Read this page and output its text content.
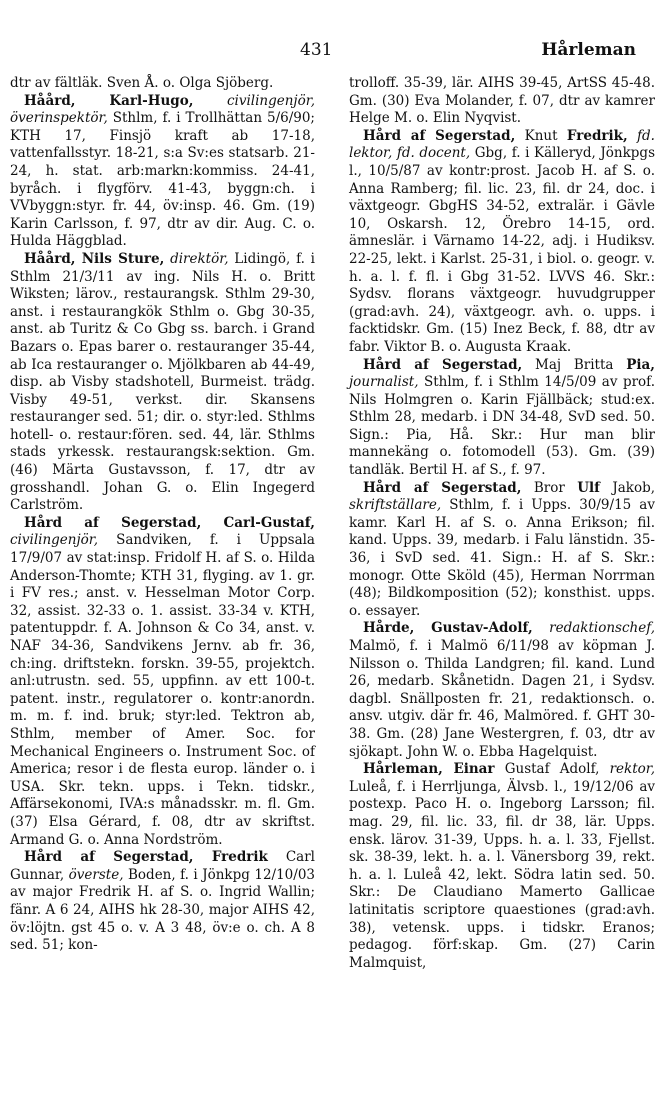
431	Hårleman

dtr av fältläk. Sven Å. o. Olga Sjöberg.

Håård, Karl-Hugo, civilingenjör, överinspektör, Sthlm, f. i Trollhättan 5/6/90; KTH 17, Finsjö kraft ab 17-18, vattenfallsstyr. 18-21, s:a Sv:es statsarb. 21-24, h. stat. arb:markn:kommiss. 24-41, byråch. i flygförv. 41-43, byggn:ch. i VVbyggn:styr. fr. 44, öv:insp. 46. Gm. (19) Karin Carlsson, f. 97, dtr av dir. Aug. C. o. Hulda Häggblad.

Håård, Nils Sture, direktör, Lidingö, f. i Sthlm 21/3/11 av ing. Nils H. o. Britt Wiksten; lärov., restaurangsk. Sthlm 29-30, anst. i restaurangkök Sthlm o. Gbg 30-35, anst. ab Turitz & Co Gbg ss. barch. i Grand Bazars o. Epas barer o. restauranger 35-44, ab Ica restauranger o. Mjölkbaren ab 44-49, disp. ab Visby stadshotell, Burmeist. trädg. Visby 49-51, verkst. dir. Skansens restauranger sed. 51; dir. o. styr:led. Sthlms hotell- o. restaur:fören. sed. 44, lär. Sthlms stads yrkessk. restaurangsk:sektion. Gm. (46) Märta Gustavsson, f. 17, dtr av grosshandl. Johan G. o. Elin Ingegerd Carlström.

Hård af Segerstad, Carl-Gustaf, civilingenjör, Sandviken, f. i Uppsala 17/9/07 av stat:insp. Fridolf H. af S. o. Hilda Anderson-Thomte; KTH 31, flyging. av 1. gr. i FV res.; anst. v. Hesselman Motor Corp. 32, assist. 32-33 o. 1. assist. 33-34 v. KTH, patentuppdr. f. A. Johnson & Co 34, anst. v. NAF 34-36, Sandvikens Jernv. ab fr. 36, ch:ing. driftstekn. forskn. 39-55, projektch. anl:utrustn. sed. 55, uppfinn. av ett 100-t. patent. instr., regulatorer o. kontr:anordn. m. m. f. ind. bruk; styr:led. Tektron ab, Sthlm, member of Amer. Soc. for Mechanical Engineers o. Instrument Soc. of America; resor i de flesta europ. länder o. i USA. Skr. tekn. upps. i Tekn. tidskr., Affärsekonomi, IVA:s månadsskr. m. fl. Gm. (37) Elsa Gérard, f. 08, dtr av skriftst. Armand G. o. Anna Nordström.

Hård af Segerstad, Fredrik Carl Gunnar, överste, Boden, f. i Jönkpg 12/10/03 av major Fredrik H. af S. o. Ingrid Wallin; fänr. A 6 24, AIHS hk 28-30, major AIHS 42, öv:löjtn. gst 45 o. v. A 3 48, öv:e o. ch. A 8 sed. 51; kon-

trolloff. 35-39, lär. AIHS 39-45, ArtSS 45-48. Gm. (30) Eva Molander, f. 07, dtr av kamrer Helge M. o. Elin Nyqvist.

Hård af Segerstad, Knut Fredrik, fd. lektor, fd. docent, Gbg, f. i Källeryd, Jönkpgs l., 10/5/87 av kontr:prost. Jacob H. af S. o. Anna Ramberg; fil. lic. 23, fil. dr 24, doc. i växtgeogr. GbgHS 34-52, extralär. i Gävle 10, Oskarsh. 12, Örebro 14-15, ord. ämneslär. i Värnamo 14-22, adj. i Hudiksv. 22-25, lekt. i Karlst. 25-31, i biol. o. geogr. v. h. a. l. f. fl. i Gbg 31-52. LVVS 46. Skr.: Sydsv. florans växtgeogr. huvudgrupper (grad:avh. 24), växtgeogr. avh. o. upps. i facktidskr. Gm. (15) Inez Beck, f. 88, dtr av fabr. Viktor B. o. Augusta Kraak.

Hård af Segerstad, Maj Britta Pia, journalist, Sthlm, f. i Sthlm 14/5/09 av prof. Nils Holmgren o. Karin Fjällbäck; stud:ex. Sthlm 28, medarb. i DN 34-48, SvD sed. 50. Sign.: Pia, Hå. Skr.: Hur man blir mannekäng o. fotomodell (53). Gm. (39) tandläk. Bertil H. af S., f. 97.

Hård af Segerstad, Bror Ulf Jakob, skriftställare, Sthlm, f. i Upps. 30/9/15 av kamr. Karl H. af S. o. Anna Erikson; fil. kand. Upps. 39, medarb. i Falu länstidn. 35-36, i SvD sed. 41. Sign.: H. af S. Skr.: monogr. Otte Sköld (45), Herman Norrman (48); Bildkomposition (52); konsthist. upps. o. essayer.

Hårde, Gustav-Adolf, redaktionschef, Malmö, f. i Malmö 6/11/98 av köpman J. Nilsson o. Thilda Landgren; fil. kand. Lund 26, medarb. Skånetidn. Dagen 21, i Sydsv. dagbl. Snällposten fr. 21, redaktionsch. o. ansv. utgiv. där fr. 46, Malmöred. f. GHT 30-38. Gm. (28) Jane Westergren, f. 03, dtr av sjökapt. John W. o. Ebba Hagelquist.

Hårleman, Einar Gustaf Adolf, rektor, Luleå, f. i Herrljunga, Älvsb. l., 19/12/06 av postexp. Paco H. o. Ingeborg Larsson; fil. mag. 29, fil. lic. 33, fil. dr 38, lär. Upps. ensk. lärov. 31-39, Upps. h. a. l. 33, Fjellst. sk. 38-39, lekt. h. a. l. Vänersborg 39, rekt. h. a. l. Luleå 42, lekt. Södra latin sed. 50. Skr.: De Claudiano Mamerto Gallicae latinitatis scriptore quaestiones (grad:avh. 38), vetensk. upps. i tidskr. Eranos; pedagog. förf:skap. Gm. (27) Carin Malmquist,
